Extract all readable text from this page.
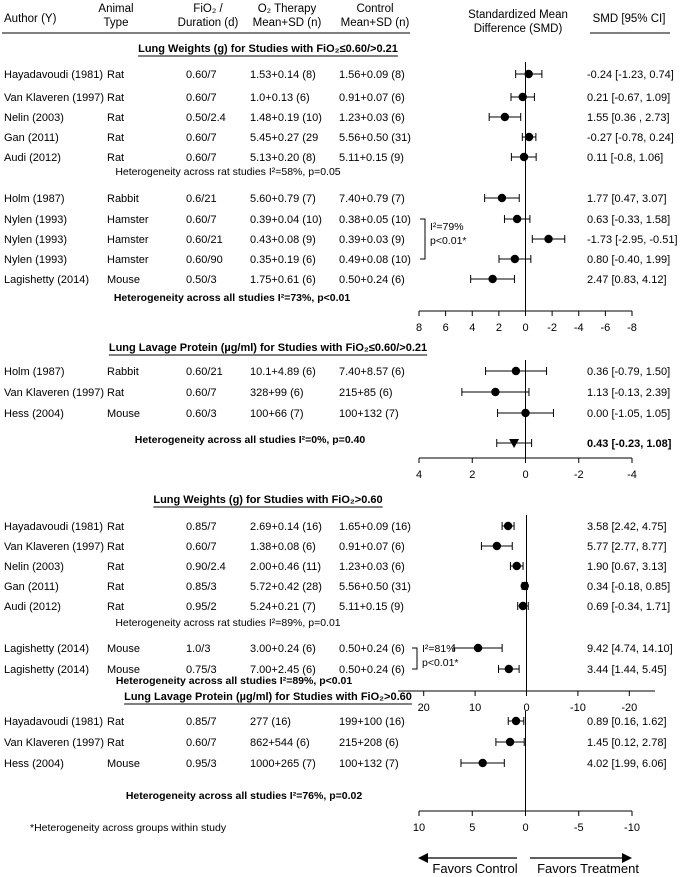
Author (Y)
Animal
Type
FiO₂ /
Duration (d)
O₂ Therapy
Mean+SD (n)
Control
Mean+SD (n)
Standardized Mean
Difference (SMD)
SMD [95% CI]
Lung Weights (g) for Studies with FiO₂≤0.60/>0.21
Lung Lavage Protein (µg/ml) for Studies with FiO₂≤0.60/>0.21
Lung Weights (g) for Studies with FiO₂>0.60
Lung Lavage Protein (µg/ml) for Studies with FiO₂>0.60
Heterogeneity across rat studies I²=58%, p=0.05
Heterogeneity across all studies I²=73%, p<0.01
I²=79%
p<0.01*
Heterogeneity across all studies I²=0%, p=0.40
Heterogeneity across rat studies I²=89%, p=0.01
I²=81%
p<0.01*
Heterogeneity across all studies I²=89%, p<0.01
Heterogeneity across all studies I²=76%, p=0.02
*Heterogeneity across groups within study
Favors Control Favors Treatment
8 6 4 2 0 -2 -4 -6 -8
Hayadavoudi (1981) Rat	0.60/7	1.53+0.14 (8) 1.56+0.09 (8)	-0.24 [-1.23, 0.74]
Van Klaveren (1997) Rat	0.60/7	1.0+0.13 (6)	0.91+0.07 (6)	0.21 [-0.67, 1.09]
Nelin (2003)	Rat	0.50/2.4 1.48+0.19 (10) 1.23+0.03 (6)	1.55 [0.36 , 2.73]
Gan (2011)	Rat	0.60/7	5.45+0.27 (29 5.56+0.50 (31)	-0.27 [-0.78, 0.24]
Audi (2012)	Rat	0.60/7	5.13+0.20 (8) 5.11+0.15 (9)	0.11 [-0.8, 1.06]
Holm (1987)	Rabbit	0.6/21	5.60+0.79 (7) 7.40+0.79 (7)	1.77 [0.47, 3.07]
Nylen (1993)	Hamster	0.60/7	0.39+0.04 (10) 0.38+0.05 (10)	0.63 [-0.33, 1.58]
Nylen (1993)	Hamster	0.60/21 0.43+0.08 (9) 0.39+0.03 (9)	-1.73 [-2.95, -0.51]
Nylen (1993)	Hamster	0.60/90 0.35+0.19 (6) 0.49+0.08 (10)	0.80 [-0.40, 1.99]
Lagishetty (2014) Mouse	0.50/3	1.75+0.61 (6) 0.50+0.24 (6)	2.47 [0.83, 4.12]
4	2	0	-2	-4
Holm (1987)	Rabbit	0.60/21 10.1+4.89 (6) 7.40+8.57 (6)	0.36 [-0.79, 1.50]
Van Klaveren (1997) Rat	0.60/7	328+99 (6)	215+85 (6)	1.13 [-0.13, 2.39]
Hess (2004)	Mouse	0.60/3	100+66 (7)	100+132 (7)	0.00 [-1.05, 1.05]
0.43 [-0.23, 1.08]
20	10	0	-10	-20
Hayadavoudi (1981) Rat	0.85/7	2.69+0.14 (16) 1.65+0.09 (16)	3.58 [2.42, 4.75]
Van Klaveren (1997) Rat	0.60/7	1.38+0.08 (6) 0.91+0.07 (6)	5.77 [2.77, 8.77]
Nelin (2003)	Rat	0.90/2.4 2.00+0.46 (11) 1.23+0.03 (6)	1.90 [0.67, 3.13]
Gan (2011)	Rat	0.85/3	5.72+0.42 (28) 5.56+0.50 (31)	0.34 [-0.18, 0.85]
Audi (2012)	Rat	0.95/2	5.24+0.21 (7) 5.11+0.15 (9)	0.69 [-0.34, 1.71]
Lagishetty (2014) Mouse	1.0/3	3.00+0.24 (6) 0.50+0.24 (6)	9.42 [4.74, 14.10]
Lagishetty (2014) Mouse	0.75/3	7.00+2.45 (6) 0.50+0.24 (6)	3.44 [1.44, 5.45]
10	5	0	-5	-10
Hayadavoudi (1981) Rat	0.85/7	277 (16)	199+100 (16)	0.89 [0.16, 1.62]
Van Klaveren (1997) Rat	0.60/7	862+544 (6)	215+208 (6)	1.45 [0.12, 2.78]
Hess (2004)	Mouse	0.95/3	1000+265 (7) 100+132 (7)	4.02 [1.99, 6.06]
